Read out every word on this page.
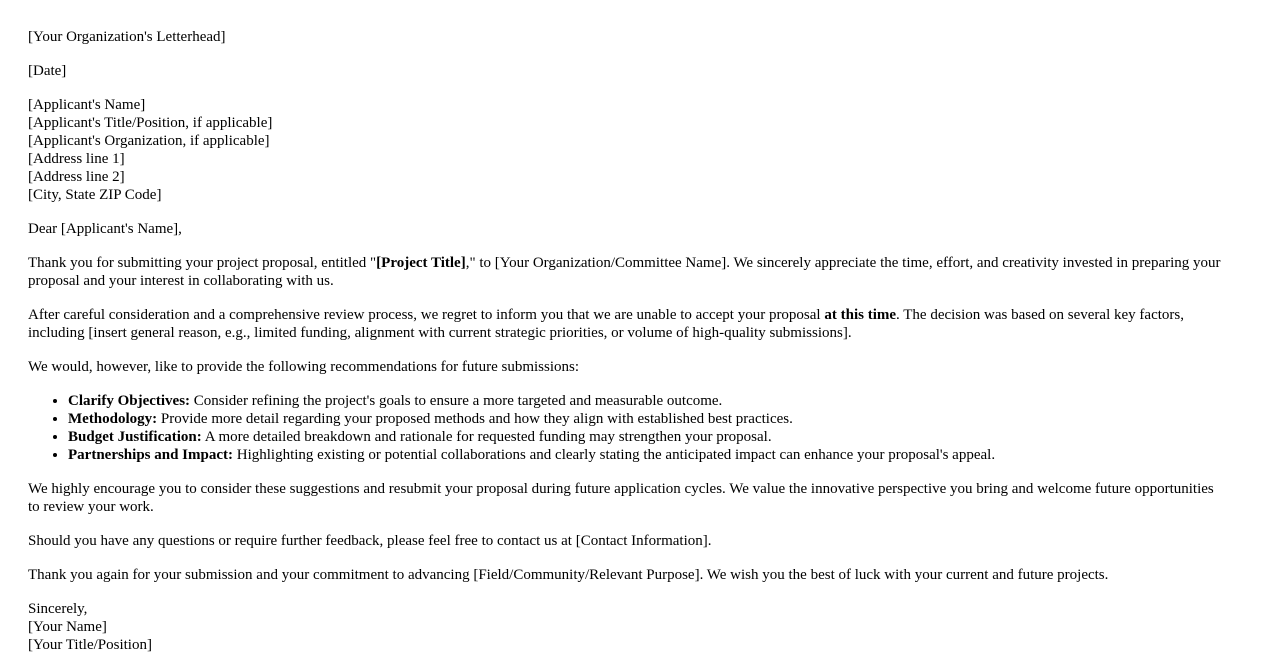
[Your Organization's Letterhead]

[Date]

[Applicant's Name]
[Applicant's Title/Position, if applicable]
[Applicant's Organization, if applicable]
[Address line 1]
[Address line 2]
[City, State ZIP Code]

Dear [Applicant's Name],

Thank you for submitting your project proposal, entitled "[Project Title]," to [Your Organization/Committee Name]. We sincerely appreciate the time, effort, and creativity invested in preparing your proposal and your interest in collaborating with us.

After careful consideration and a comprehensive review process, we regret to inform you that we are unable to accept your proposal at this time. The decision was based on several key factors, including [insert general reason, e.g., limited funding, alignment with current strategic priorities, or volume of high-quality submissions].

We would, however, like to provide the following recommendations for future submissions:

• Clarify Objectives: Consider refining the project's goals to ensure a more targeted and measurable outcome.
• Methodology: Provide more detail regarding your proposed methods and how they align with established best practices.
• Budget Justification: A more detailed breakdown and rationale for requested funding may strengthen your proposal.
• Partnerships and Impact: Highlighting existing or potential collaborations and clearly stating the anticipated impact can enhance your proposal's appeal.

We highly encourage you to consider these suggestions and resubmit your proposal during future application cycles. We value the innovative perspective you bring and welcome future opportunities to review your work.

Should you have any questions or require further feedback, please feel free to contact us at [Contact Information].

Thank you again for your submission and your commitment to advancing [Field/Community/Relevant Purpose]. We wish you the best of luck with your current and future projects.

Sincerely,
[Your Name]
[Your Title/Position]
